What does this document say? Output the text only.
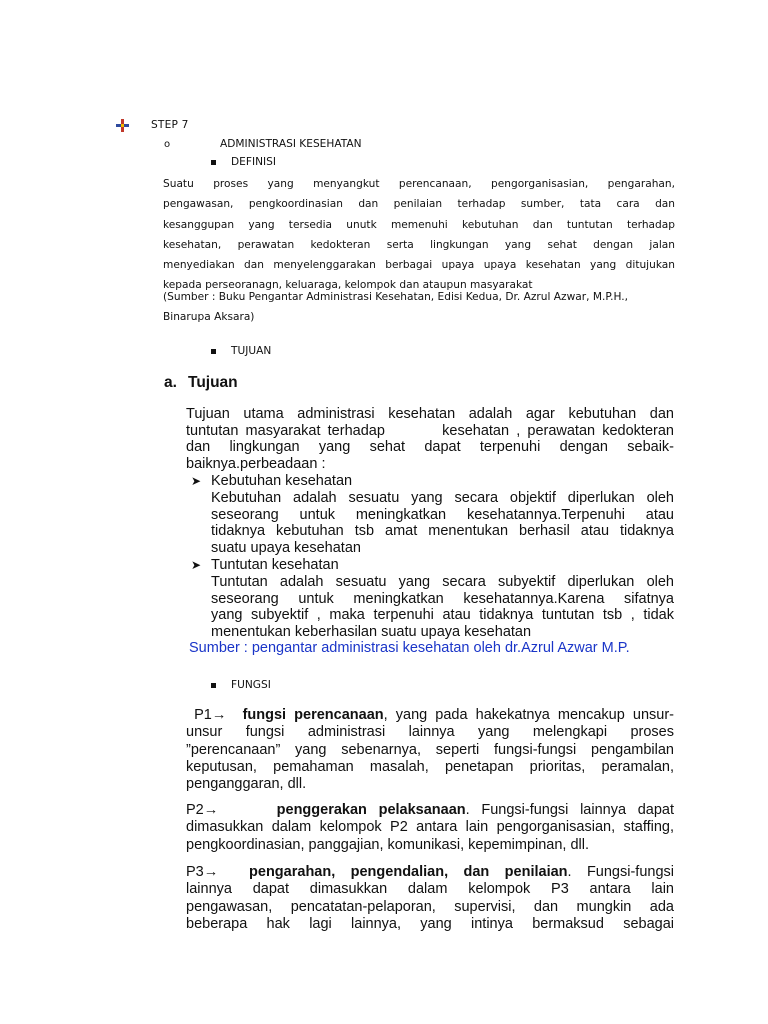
STEP 7
o	ADMINISTRASI KESEHATAN
DEFINISI
Suatu proses yang menyangkut perencanaan, pengorganisasian, pengarahan,
pengawasan, pengkoordinasian dan penilaian terhadap sumber, tata cara dan
kesanggupan yang tersedia unutk memenuhi kebutuhan dan tuntutan terhadap
kesehatan, perawatan kedokteran serta lingkungan yang sehat dengan jalan
menyediakan dan menyelenggarakan berbagai upaya upaya kesehatan yang ditujukan
kepada perseoranagn, keluaraga, kelompok dan ataupun masyarakat
(Sumber : Buku Pengantar Administrasi Kesehatan, Edisi Kedua, Dr. Azrul Azwar, M.P.H.,
Binarupa Aksara)
TUJUAN
a. Tujuan
Tujuan utama administrasi kesehatan adalah agar kebutuhan dan
tuntutan masyarakat terhadap        kesehatan , perawatan kedokteran
dan lingkungan yang sehat dapat terpenuhi dengan sebaik-
baiknya.perbeadaan :
➤ Kebutuhan kesehatan
Kebutuhan adalah sesuatu yang secara objektif diperlukan oleh
seseorang untuk meningkatkan kesehatannya.Terpenuhi atau
tidaknya kebutuhan tsb amat menentukan berhasil atau tidaknya
suatu upaya kesehatan
➤ Tuntutan kesehatan
Tuntutan adalah sesuatu yang secara subyektif diperlukan oleh
seseorang untuk meningkatkan kesehatannya.Karena sifatnya
yang subyektif , maka terpenuhi atau tidaknya tuntutan tsb , tidak
menentukan keberhasilan suatu upaya kesehatan
Sumber : pengantar administrasi kesehatan oleh dr.Azrul Azwar M.P.
FUNGSI
P1→ fungsi perencanaan, yang pada hakekatnya mencakup unsur-
unsur fungsi administrasi lainnya yang melengkapi proses
”perencanaan” yang sebenarnya, seperti fungsi-fungsi pengambilan
keputusan, pemahaman masalah, penetapan prioritas, peramalan,
penganggaran, dll.
P2→	penggerakan pelaksanaan. Fungsi-fungsi lainnya dapat
dimasukkan dalam kelompok P2 antara lain pengorganisasian, staffing,
pengkoordinasian, panggajian, komunikasi, kepemimpinan, dll.
P3→ pengarahan, pengendalian, dan penilaian. Fungsi-fungsi
lainnya dapat dimasukkan dalam kelompok P3 antara lain
pengawasan, pencatatan-pelaporan, supervisi, dan mungkin ada
beberapa hak lagi lainnya, yang intinya bermaksud sebagai
